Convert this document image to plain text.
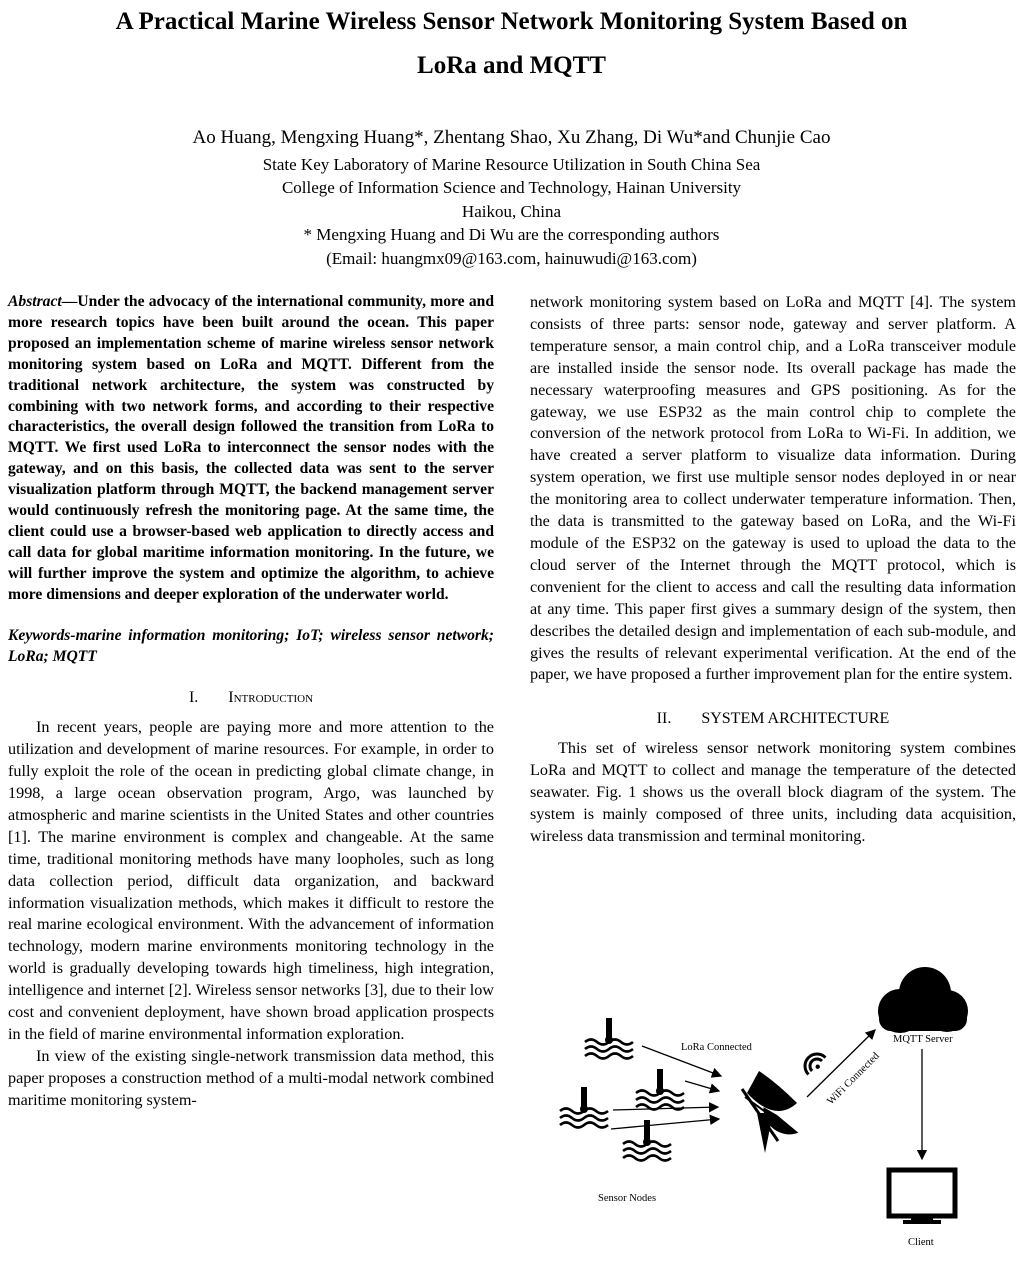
A Practical Marine Wireless Sensor Network Monitoring System Based on
LoRa and MQTT
Ao Huang, Mengxing Huang*, Zhentang Shao, Xu Zhang, Di Wu*and Chunjie Cao
State Key Laboratory of Marine Resource Utilization in South China Sea
College of Information Science and Technology, Hainan University
Haikou, China
* Mengxing Huang and Di Wu are the corresponding authors
(Email: huangmx09@163.com, hainuwudi@163.com)

Abstract—Under the advocacy of the international community, more and more research topics have been built around the ocean. This paper proposed an implementation scheme of marine wireless sensor network monitoring system based on LoRa and MQTT. Different from the traditional network architecture, the system was constructed by combining with two network forms, and according to their respective characteristics, the overall design followed the transition from LoRa to MQTT. We first used LoRa to interconnect the sensor nodes with the gateway, and on this basis, the collected data was sent to the server visualization platform through MQTT, the backend management server would continuously refresh the monitoring page. At the same time, the client could use a browser-based web application to directly access and call data for global maritime information monitoring. In the future, we will further improve the system and optimize the algorithm, to achieve more dimensions and deeper exploration of the underwater world.

Keywords-marine information monitoring; IoT; wireless sensor network; LoRa; MQTT

I. Introduction

In recent years, people are paying more and more attention to the utilization and development of marine resources. For example, in order to fully exploit the role of the ocean in predicting global climate change, in 1998, a large ocean observation program, Argo, was launched by atmospheric and marine scientists in the United States and other countries [1]. The marine environment is complex and changeable. At the same time, traditional monitoring methods have many loopholes, such as long data collection period, difficult data organization, and backward information visualization methods, which makes it difficult to restore the real marine ecological environment. With the advancement of information technology, modern marine environments monitoring technology in the world is gradually developing towards high timeliness, high integration, intelligence and internet [2]. Wireless sensor networks [3], due to their low cost and convenient deployment, have shown broad application prospects in the field of marine environmental information exploration.

In view of the existing single-network transmission data method, this paper proposes a construction method of a multi-modal network combined maritime monitoring system-

network monitoring system based on LoRa and MQTT [4]. The system consists of three parts: sensor node, gateway and server platform. A temperature sensor, a main control chip, and a LoRa transceiver module are installed inside the sensor node. Its overall package has made the necessary waterproofing measures and GPS positioning. As for the gateway, we use ESP32 as the main control chip to complete the conversion of the network protocol from LoRa to Wi-Fi. In addition, we have created a server platform to visualize data information. During system operation, we first use multiple sensor nodes deployed in or near the monitoring area to collect underwater temperature information. Then, the data is transmitted to the gateway based on LoRa, and the Wi-Fi module of the ESP32 on the gateway is used to upload the data to the cloud server of the Internet through the MQTT protocol, which is convenient for the client to access and call the resulting data information at any time. This paper first gives a summary design of the system, then describes the detailed design and implementation of each sub-module, and gives the results of relevant experimental verification. At the end of the paper, we have proposed a further improvement plan for the entire system.

II. SYSTEM ARCHITECTURE

This set of wireless sensor network monitoring system combines LoRa and MQTT to collect and manage the temperature of the detected seawater. Fig. 1 shows us the overall block diagram of the system. The system is mainly composed of three units, including data acquisition, wireless data transmission and terminal monitoring.

LoRa Connected
WiFi Connected
MQTT Server
Client
Sensor Nodes
